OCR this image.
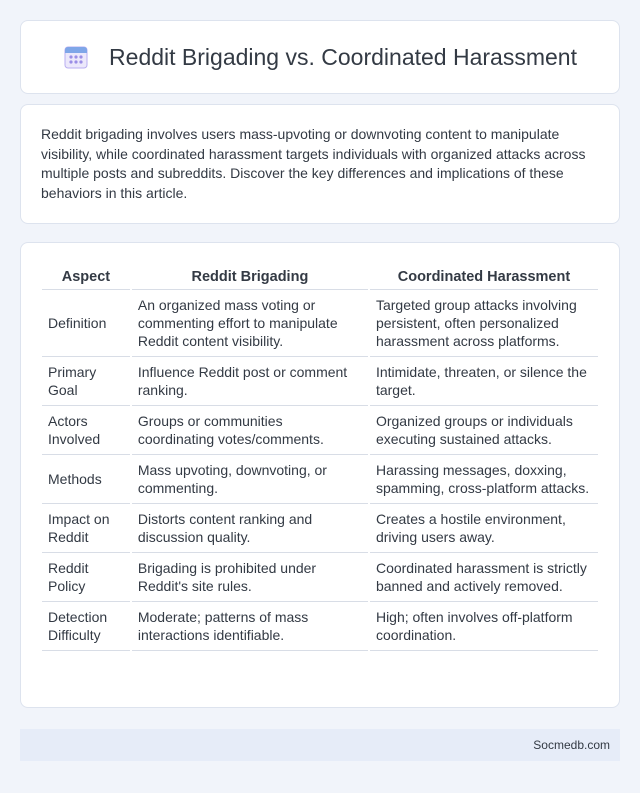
Reddit Brigading vs. Coordinated Harassment

Reddit brigading involves users mass-upvoting or downvoting content to manipulate visibility, while coordinated harassment targets individuals with organized attacks across multiple posts and subreddits. Discover the key differences and implications of these behaviors in this article.

Aspect	Reddit Brigading	Coordinated Harassment
Definition	An organized mass voting or commenting effort to manipulate Reddit content visibility.	Targeted group attacks involving persistent, often personalized harassment across platforms.
Primary Goal	Influence Reddit post or comment ranking.	Intimidate, threaten, or silence the target.
Actors Involved	Groups or communities coordinating votes/comments.	Organized groups or individuals executing sustained attacks.
Methods	Mass upvoting, downvoting, or commenting.	Harassing messages, doxxing, spamming, cross-platform attacks.
Impact on Reddit	Distorts content ranking and discussion quality.	Creates a hostile environment, driving users away.
Reddit Policy	Brigading is prohibited under Reddit's site rules.	Coordinated harassment is strictly banned and actively removed.
Detection Difficulty	Moderate; patterns of mass interactions identifiable.	High; often involves off-platform coordination.
Socmedb.com
